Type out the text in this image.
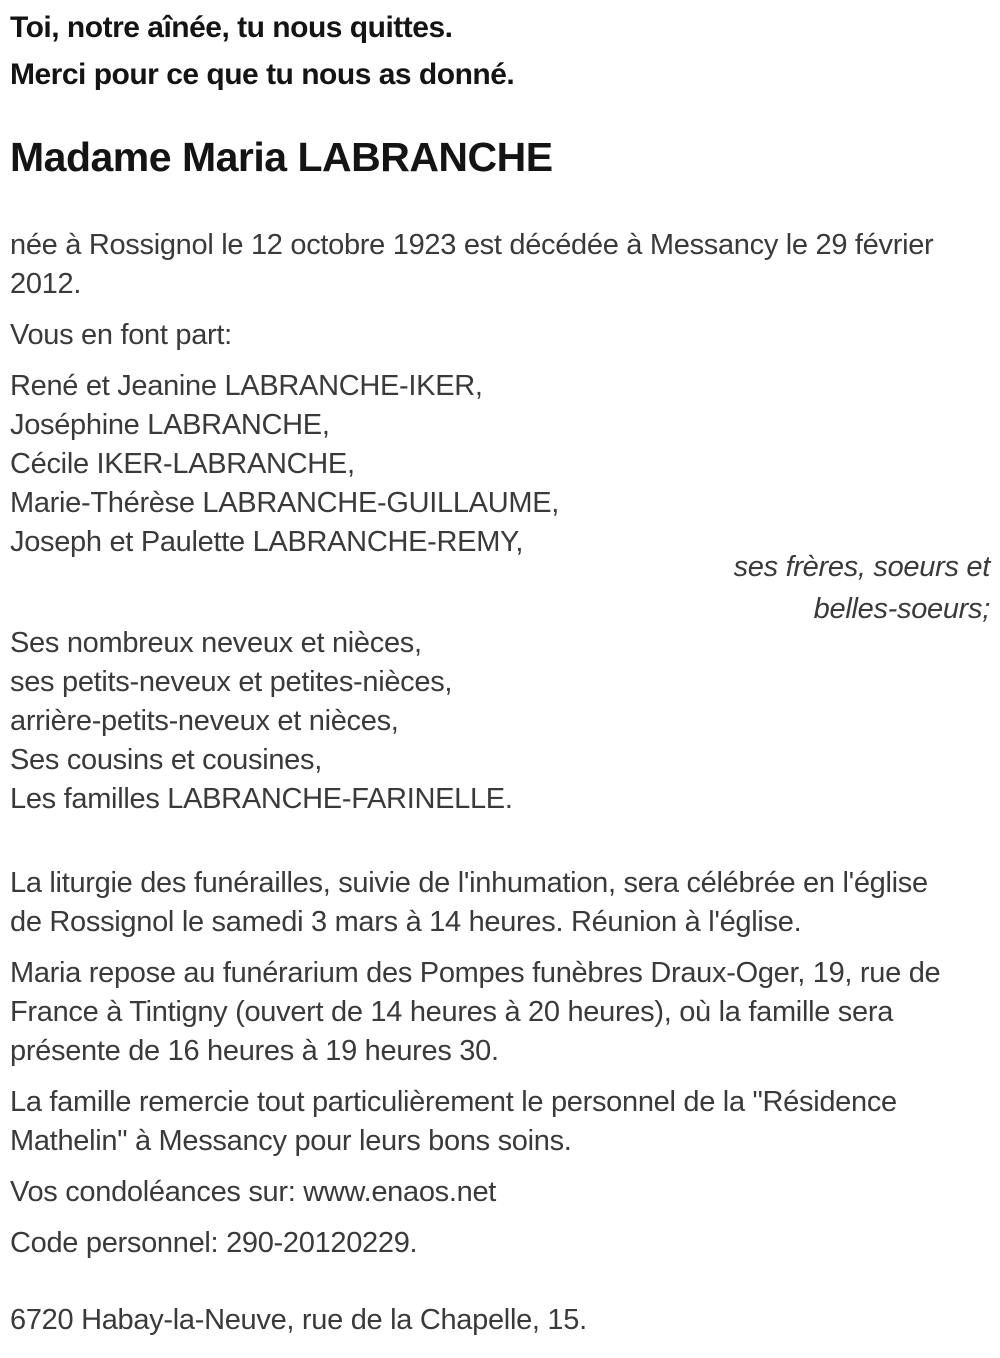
Toi, notre aînée, tu nous quittes.

Merci pour ce que tu nous as donné.

Madame Maria LABRANCHE

née à Rossignol le 12 octobre 1923 est décédée à Messancy le 29 février
2012.

Vous en font part:

René et Jeanine LABRANCHE-IKER,
Joséphine LABRANCHE,
Cécile IKER-LABRANCHE,
Marie-Thérèse LABRANCHE-GUILLAUME,
Joseph et Paulette LABRANCHE-REMY,
ses frères, soeurs et
belles-soeurs;
Ses nombreux neveux et nièces,
ses petits-neveux et petites-nièces,
arrière-petits-neveux et nièces,
Ses cousins et cousines,
Les familles LABRANCHE-FARINELLE.

La liturgie des funérailles, suivie de l'inhumation, sera célébrée en l'église
de Rossignol le samedi 3 mars à 14 heures. Réunion à l'église.

Maria repose au funérarium des Pompes funèbres Draux-Oger, 19, rue de
France à Tintigny (ouvert de 14 heures à 20 heures), où la famille sera
présente de 16 heures à 19 heures 30.

La famille remercie tout particulièrement le personnel de la "Résidence
Mathelin" à Messancy pour leurs bons soins.

Vos condoléances sur: www.enaos.net

Code personnel: 290-20120229.

6720 Habay-la-Neuve, rue de la Chapelle, 15.
